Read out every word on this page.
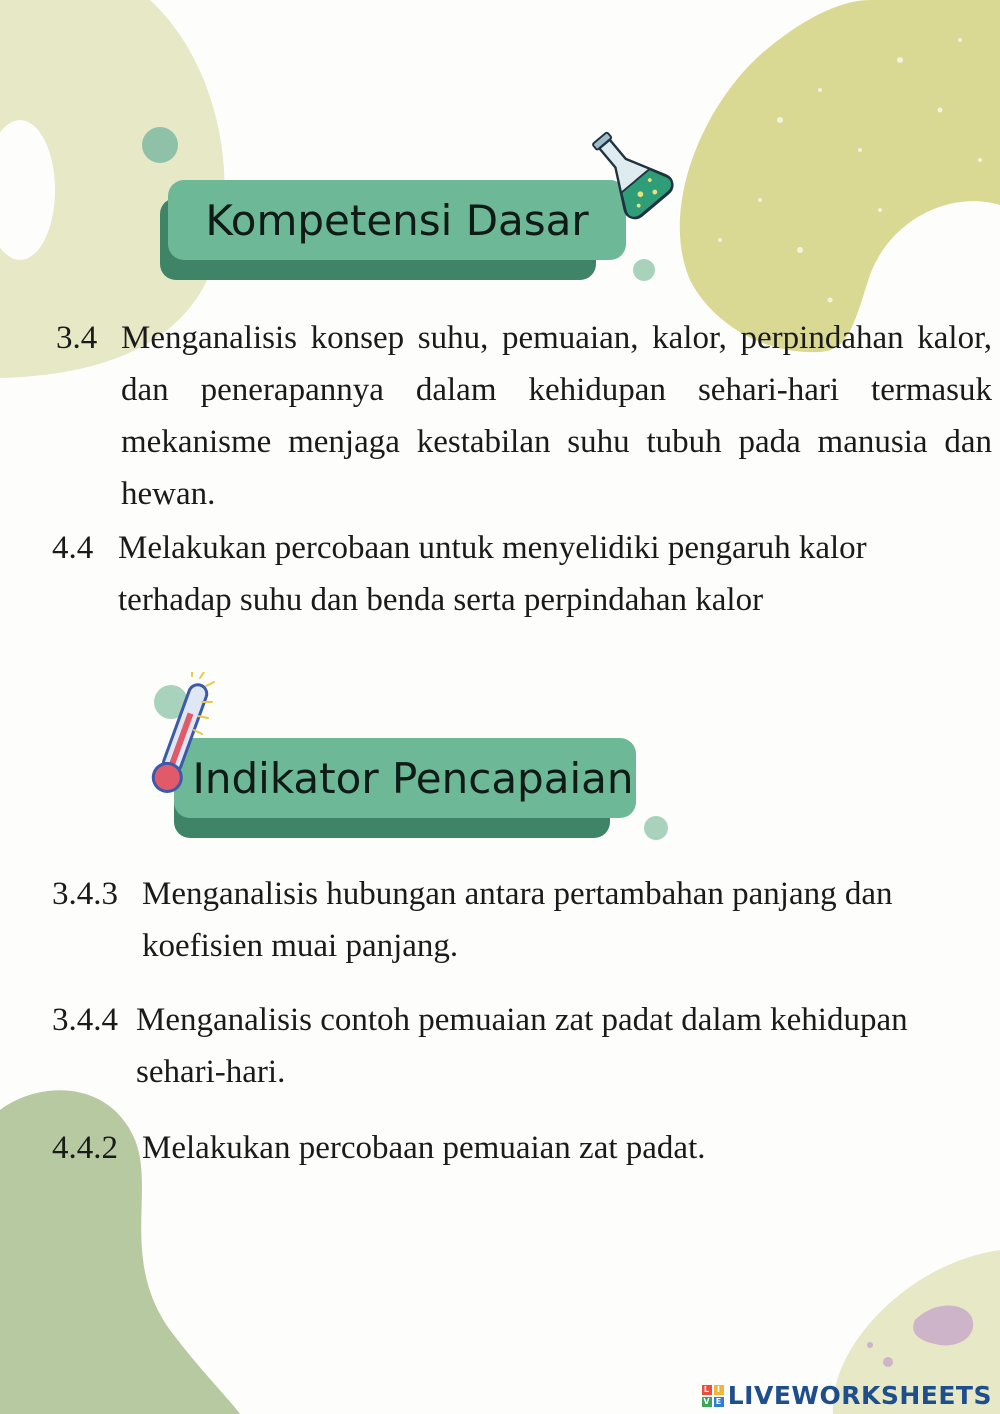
Kompetensi Dasar
3.4 Menganalisis konsep suhu, pemuaian, kalor, perpindahan kalor, dan penerapannya dalam kehidupan sehari-hari termasuk mekanisme menjaga kestabilan suhu tubuh pada manusia dan hewan.
4.4 Melakukan percobaan untuk menyelidiki pengaruh kalor terhadap suhu dan benda serta perpindahan kalor
Indikator Pencapaian
3.4.3 Menganalisis hubungan antara pertambahan panjang dan koefisien muai panjang.
3.4.4 Menganalisis contoh pemuaian zat padat dalam kehidupan sehari-hari.
4.4.2 Melakukan percobaan pemuaian zat padat.
L I
V E LIVEWORKSHEETS
